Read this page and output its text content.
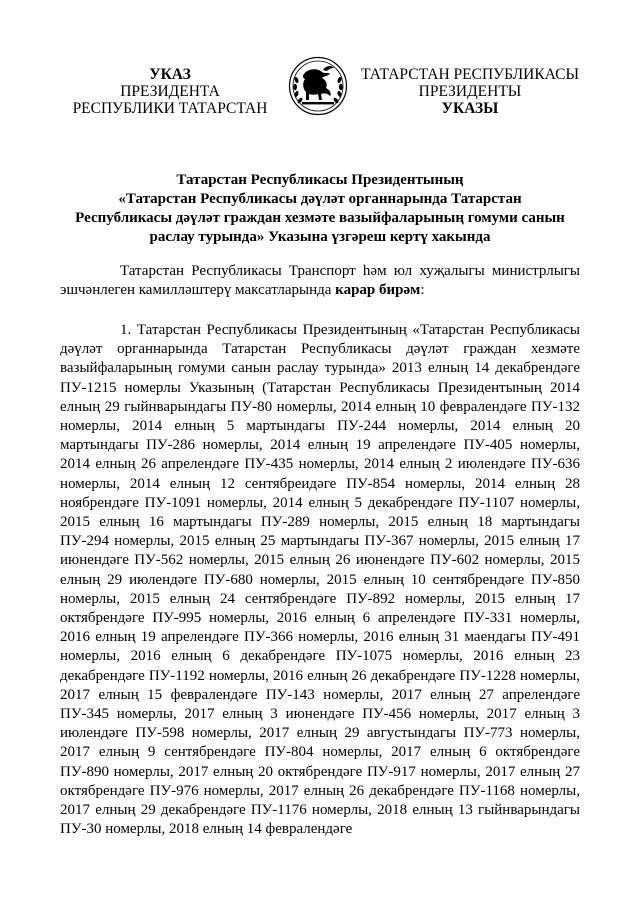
УКАЗ
ПРЕЗИДЕНТА
РЕСПУБЛИКИ ТАТАРСТАН
ТАТАРСТАН РЕСПУБЛИКАСЫ
ПРЕЗИДЕНТЫ
УКАЗЫ
Татарстан Республикасы Президентының
«Татарстан Республикасы дәүләт органнарында Татарстан
Республикасы дәүләт граждан хезмәте вазыйфаларының гомуми санын
раслау турында» Указына үзгәреш кертү хакында
Татарстан Республикасы Транспорт һәм юл хуҗалыгы министрлыгы эшчәнлеген камилләштерү максатларында карар бирәм:
1. Татарстан Республикасы Президентының «Татарстан Республикасы дәүләт органнарында Татарстан Республикасы дәүләт граждан хезмәте вазыйфаларының гомуми санын раслау турында» 2013 елның 14 декабрендәге ПУ-1215 номерлы Указының (Татарстан Республикасы Президентының 2014 елның 29 гыйнварындагы ПУ-80 номерлы, 2014 елның 10 февралендәге ПУ-132 номерлы, 2014 елның 5 мартындагы ПУ-244 номерлы, 2014 елның 20 мартындагы ПУ-286 номерлы, 2014 елның 19 апрелендәге ПУ-405 номерлы, 2014 елның 26 апрелендәге ПУ-435 номерлы, 2014 елның 2 июлендәге ПУ-636 номерлы, 2014 елның 12 сентябреидәге ПУ-854 номерлы, 2014 елның 28 ноябрендәге ПУ-1091 номерлы, 2014 елның 5 декабрендәге ПУ-1107 номерлы, 2015 елның 16 мартындагы ПУ-289 номерлы, 2015 елның 18 мартындагы ПУ-294 номерлы, 2015 елның 25 мартындагы ПУ-367 номерлы, 2015 елның 17 июнендәге ПУ-562 номерлы, 2015 елның 26 июнендәге ПУ-602 номерлы, 2015 елның 29 июлендәге ПУ-680 номерлы, 2015 елның 10 сентябрендәге ПУ-850 номерлы, 2015 елның 24 сентябрендәге ПУ-892 номерлы, 2015 елның 17 октябрендәге ПУ-995 номерлы, 2016 елның 6 апрелендәге ПУ-331 номерлы, 2016 елның 19 апрелендәге ПУ-366 номерлы, 2016 елның 31 маендагы ПУ-491 номерлы, 2016 елның 6 декабрендәге ПУ-1075 номерлы, 2016 елның 23 декабрендәге ПУ-1192 номерлы, 2016 елның 26 декабрендәге ПУ-1228 номерлы, 2017 елның 15 февралендәге ПУ-143 номерлы, 2017 елның 27 апрелендәге ПУ-345 номерлы, 2017 елның 3 июнендәге ПУ-456 номерлы, 2017 елның 3 июлендәге ПУ-598 номерлы, 2017 елның 29 августындагы ПУ-773 номерлы, 2017 елның 9 сентябрендәге ПУ-804 номерлы, 2017 елның 6 октябрендәге ПУ-890 номерлы, 2017 елның 20 октябрендәге ПУ-917 номерлы, 2017 елның 27 октябрендәге ПУ-976 номерлы, 2017 елның 26 декабрендәге ПУ-1168 номерлы, 2017 елның 29 декабрендәге ПУ-1176 номерлы, 2018 елның 13 гыйнварындагы ПУ-30 номерлы, 2018 елның 14 февралендәге
